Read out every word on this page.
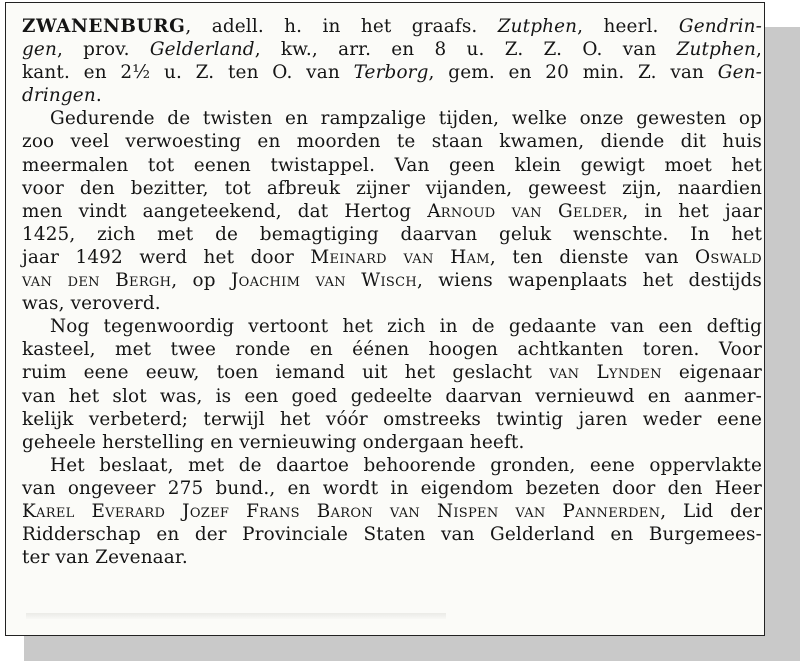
ZWANENBURG, adell. h. in het graafs. Zutphen, heerl. Gendrin-
gen, prov. Gelderland, kw., arr. en 8 u. Z. Z. O. van Zutphen,
kant. en 2½ u. Z. ten O. van Terborg, gem. en 20 min. Z. van Gen-
dringen.
Gedurende de twisten en rampzalige tijden, welke onze gewesten op
zoo veel verwoesting en moorden te staan kwamen, diende dit huis
meermalen tot eenen twistappel. Van geen klein gewigt moet het
voor den bezitter, tot afbreuk zijner vijanden, geweest zijn, naardien
men vindt aangeteekend, dat Hertog Arnoud van Gelder, in het jaar
1425, zich met de bemagtiging daarvan geluk wenschte. In het
jaar 1492 werd het door Meinard van Ham, ten dienste van Oswald
van den Bergh, op Joachim van Wisch, wiens wapenplaats het destijds
was, veroverd.
Nog tegenwoordig vertoont het zich in de gedaante van een deftig
kasteel, met twee ronde en éénen hoogen achtkanten toren. Voor
ruim eene eeuw, toen iemand uit het geslacht van Lynden eigenaar
van het slot was, is een goed gedeelte daarvan vernieuwd en aanmer-
kelijk verbeterd; terwijl het vóór omstreeks twintig jaren weder eene
geheele herstelling en vernieuwing ondergaan heeft.
Het beslaat, met de daartoe behoorende gronden, eene oppervlakte
van ongeveer 275 bund., en wordt in eigendom bezeten door den Heer
Karel Everard Jozef Frans Baron van Nispen van Pannerden, Lid der
Ridderschap en der Provinciale Staten van Gelderland en Burgemees-
ter van Zevenaar.
